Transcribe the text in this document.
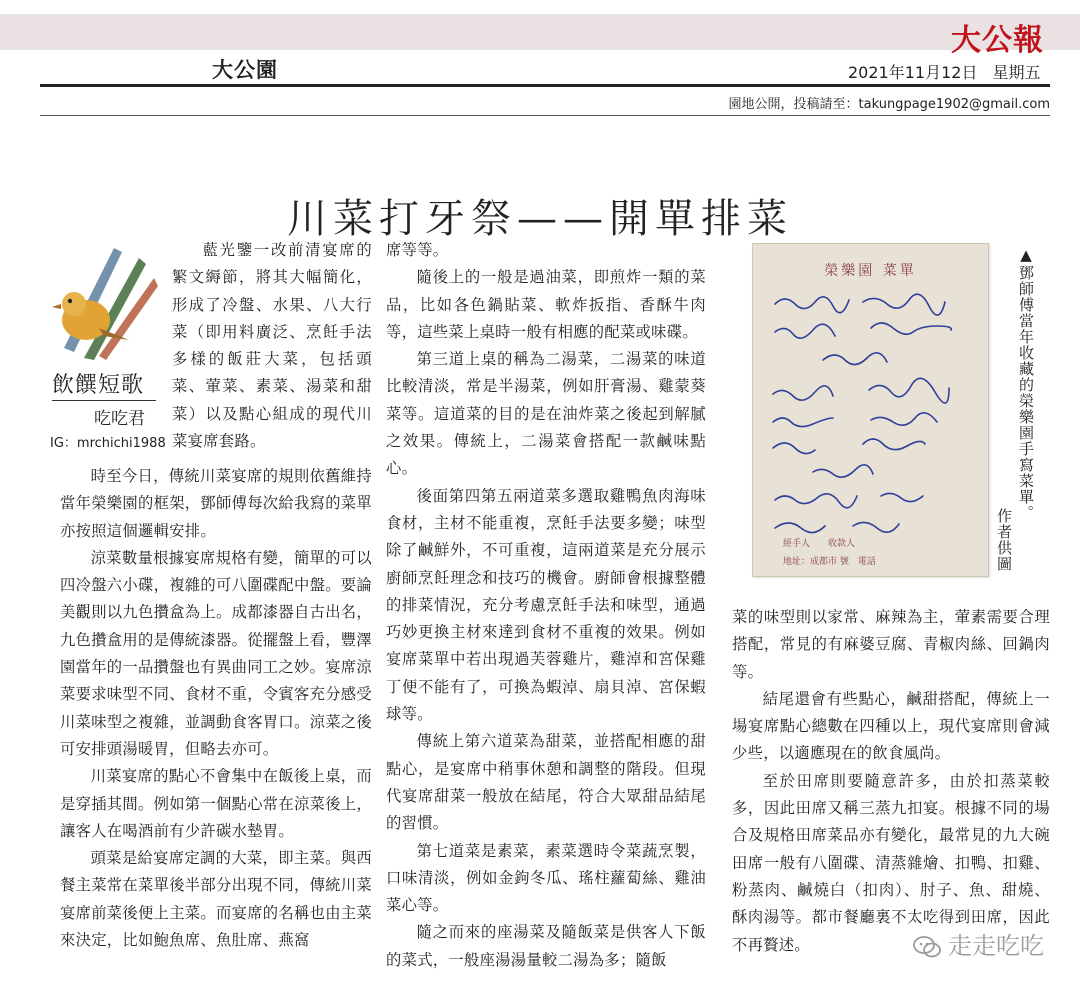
大公報
大公園	2021年11月12日 星期五
園地公開，投稿請至：takungpage1902@gmail.com
川菜打牙祭——開單排菜
飲饌短歌
吃吃君
IG：mrchichi1988

藍光鑒一改前清宴席的繁文縟節，將其大幅簡化，形成了冷盤、水果、八大行菜（即用料廣泛、烹飪手法多樣的飯莊大菜，包括頭菜、葷菜、素菜、湯菜和甜菜）以及點心組成的現代川菜宴席套路。

時至今日，傳統川菜宴席的規則依舊維持當年榮樂園的框架，鄧師傅每次給我寫的菜單亦按照這個邏輯安排。

涼菜數量根據宴席規格有變，簡單的可以四冷盤六小碟，複雜的可八圍碟配中盤。要論美觀則以九色攢盒為上。成都漆器自古出名，九色攢盒用的是傳統漆器。從擺盤上看，豐澤園當年的一品攢盤也有異曲同工之妙。宴席涼菜要求味型不同、食材不重，令賓客充分感受川菜味型之複雜，並調動食客胃口。涼菜之後可安排頭湯暖胃，但略去亦可。

川菜宴席的點心不會集中在飯後上桌，而是穿插其間。例如第一個點心常在涼菜後上，讓客人在喝酒前有少許碳水墊胃。

頭菜是給宴席定調的大菜，即主菜。與西餐主菜常在菜單後半部分出現不同，傳統川菜宴席前菜後便上主菜。而宴席的名稱也由主菜來決定，比如鮑魚席、魚肚席、燕窩

席等等。

隨後上的一般是過油菜，即煎炸一類的菜品，比如各色鍋貼菜、軟炸扳指、香酥牛肉等，這些菜上桌時一般有相應的配菜或味碟。

第三道上桌的稱為二湯菜，二湯菜的味道比較清淡，常是半湯菜，例如肝膏湯、雞蒙葵菜等。這道菜的目的是在油炸菜之後起到解膩之效果。傳統上，二湯菜會搭配一款鹹味點心。

後面第四第五兩道菜多選取雞鴨魚肉海味食材，主材不能重複，烹飪手法要多變；味型除了鹹鮮外，不可重複，這兩道菜是充分展示廚師烹飪理念和技巧的機會。廚師會根據整體的排菜情況，充分考慮烹飪手法和味型，通過巧妙更換主材來達到食材不重複的效果。例如宴席菜單中若出現過芙蓉雞片，雞淖和宮保雞丁便不能有了，可換為蝦淖、扇貝淖、宮保蝦球等。

傳統上第六道菜為甜菜，並搭配相應的甜點心，是宴席中稍事休憩和調整的階段。但現代宴席甜菜一般放在結尾，符合大眾甜品結尾的習慣。

第七道菜是素菜，素菜選時令菜蔬烹製，口味清淡，例如金鉤冬瓜、瑤柱蘿蔔絲、雞油菜心等。

隨之而來的座湯菜及隨飯菜是供客人下飯的菜式，一般座湯湯量較二湯為多；隨飯

榮樂園 菜單
經手人　　收款人
地址：成都市 號　電話
▲鄧師傅當年收藏的榮樂園手寫菜單。
作者供圖

菜的味型則以家常、麻辣為主，葷素需要合理搭配，常見的有麻婆豆腐、青椒肉絲、回鍋肉等。

結尾還會有些點心，鹹甜搭配，傳統上一場宴席點心總數在四種以上，現代宴席則會減少些，以適應現在的飲食風尚。

至於田席則要隨意許多，由於扣蒸菜較多，因此田席又稱三蒸九扣宴。根據不同的場合及規格田席菜品亦有變化，最常見的九大碗田席一般有八圍碟、清蒸雜燴、扣鴨、扣雞、粉蒸肉、鹹燒白（扣肉）、肘子、魚、甜燒、酥肉湯等。都市餐廳裏不太吃得到田席，因此不再贅述。	走走吃吃
